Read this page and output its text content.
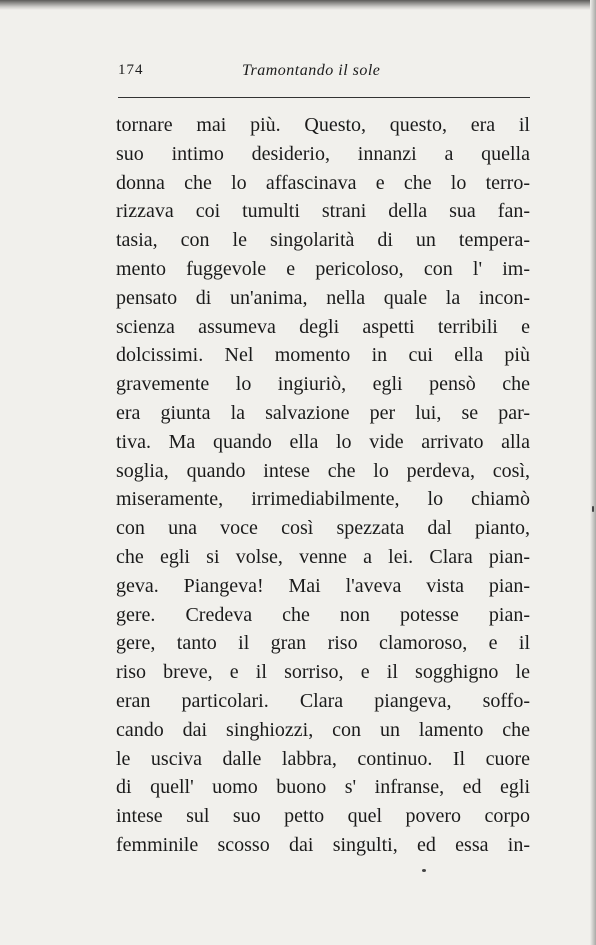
174	Tramontando il sole
tornare mai più. Questo, questo, era il
suo intimo desiderio, innanzi a quella
donna che lo affascinava e che lo terro-
rizzava coi tumulti strani della sua fan-
tasia, con le singolarità di un tempera-
mento fuggevole e pericoloso, con l' im-
pensato di un'anima, nella quale la incon-
scienza assumeva degli aspetti terribili e
dolcissimi. Nel momento in cui ella più
gravemente lo ingiuriò, egli pensò che
era giunta la salvazione per lui, se par-
tiva. Ma quando ella lo vide arrivato alla
soglia, quando intese che lo perdeva, così,
miseramente, irrimediabilmente, lo chiamò
con una voce così spezzata dal pianto,
che egli si volse, venne a lei. Clara pian-
geva. Piangeva! Mai l'aveva vista pian-
gere. Credeva che non potesse pian-
gere, tanto il gran riso clamoroso, e il
riso breve, e il sorriso, e il sogghigno le
eran particolari. Clara piangeva, soffo-
cando dai singhiozzi, con un lamento che
le usciva dalle labbra, continuo. Il cuore
di quell' uomo buono s' infranse, ed egli
intese sul suo petto quel povero corpo
femminile scosso dai singulti, ed essa in-
